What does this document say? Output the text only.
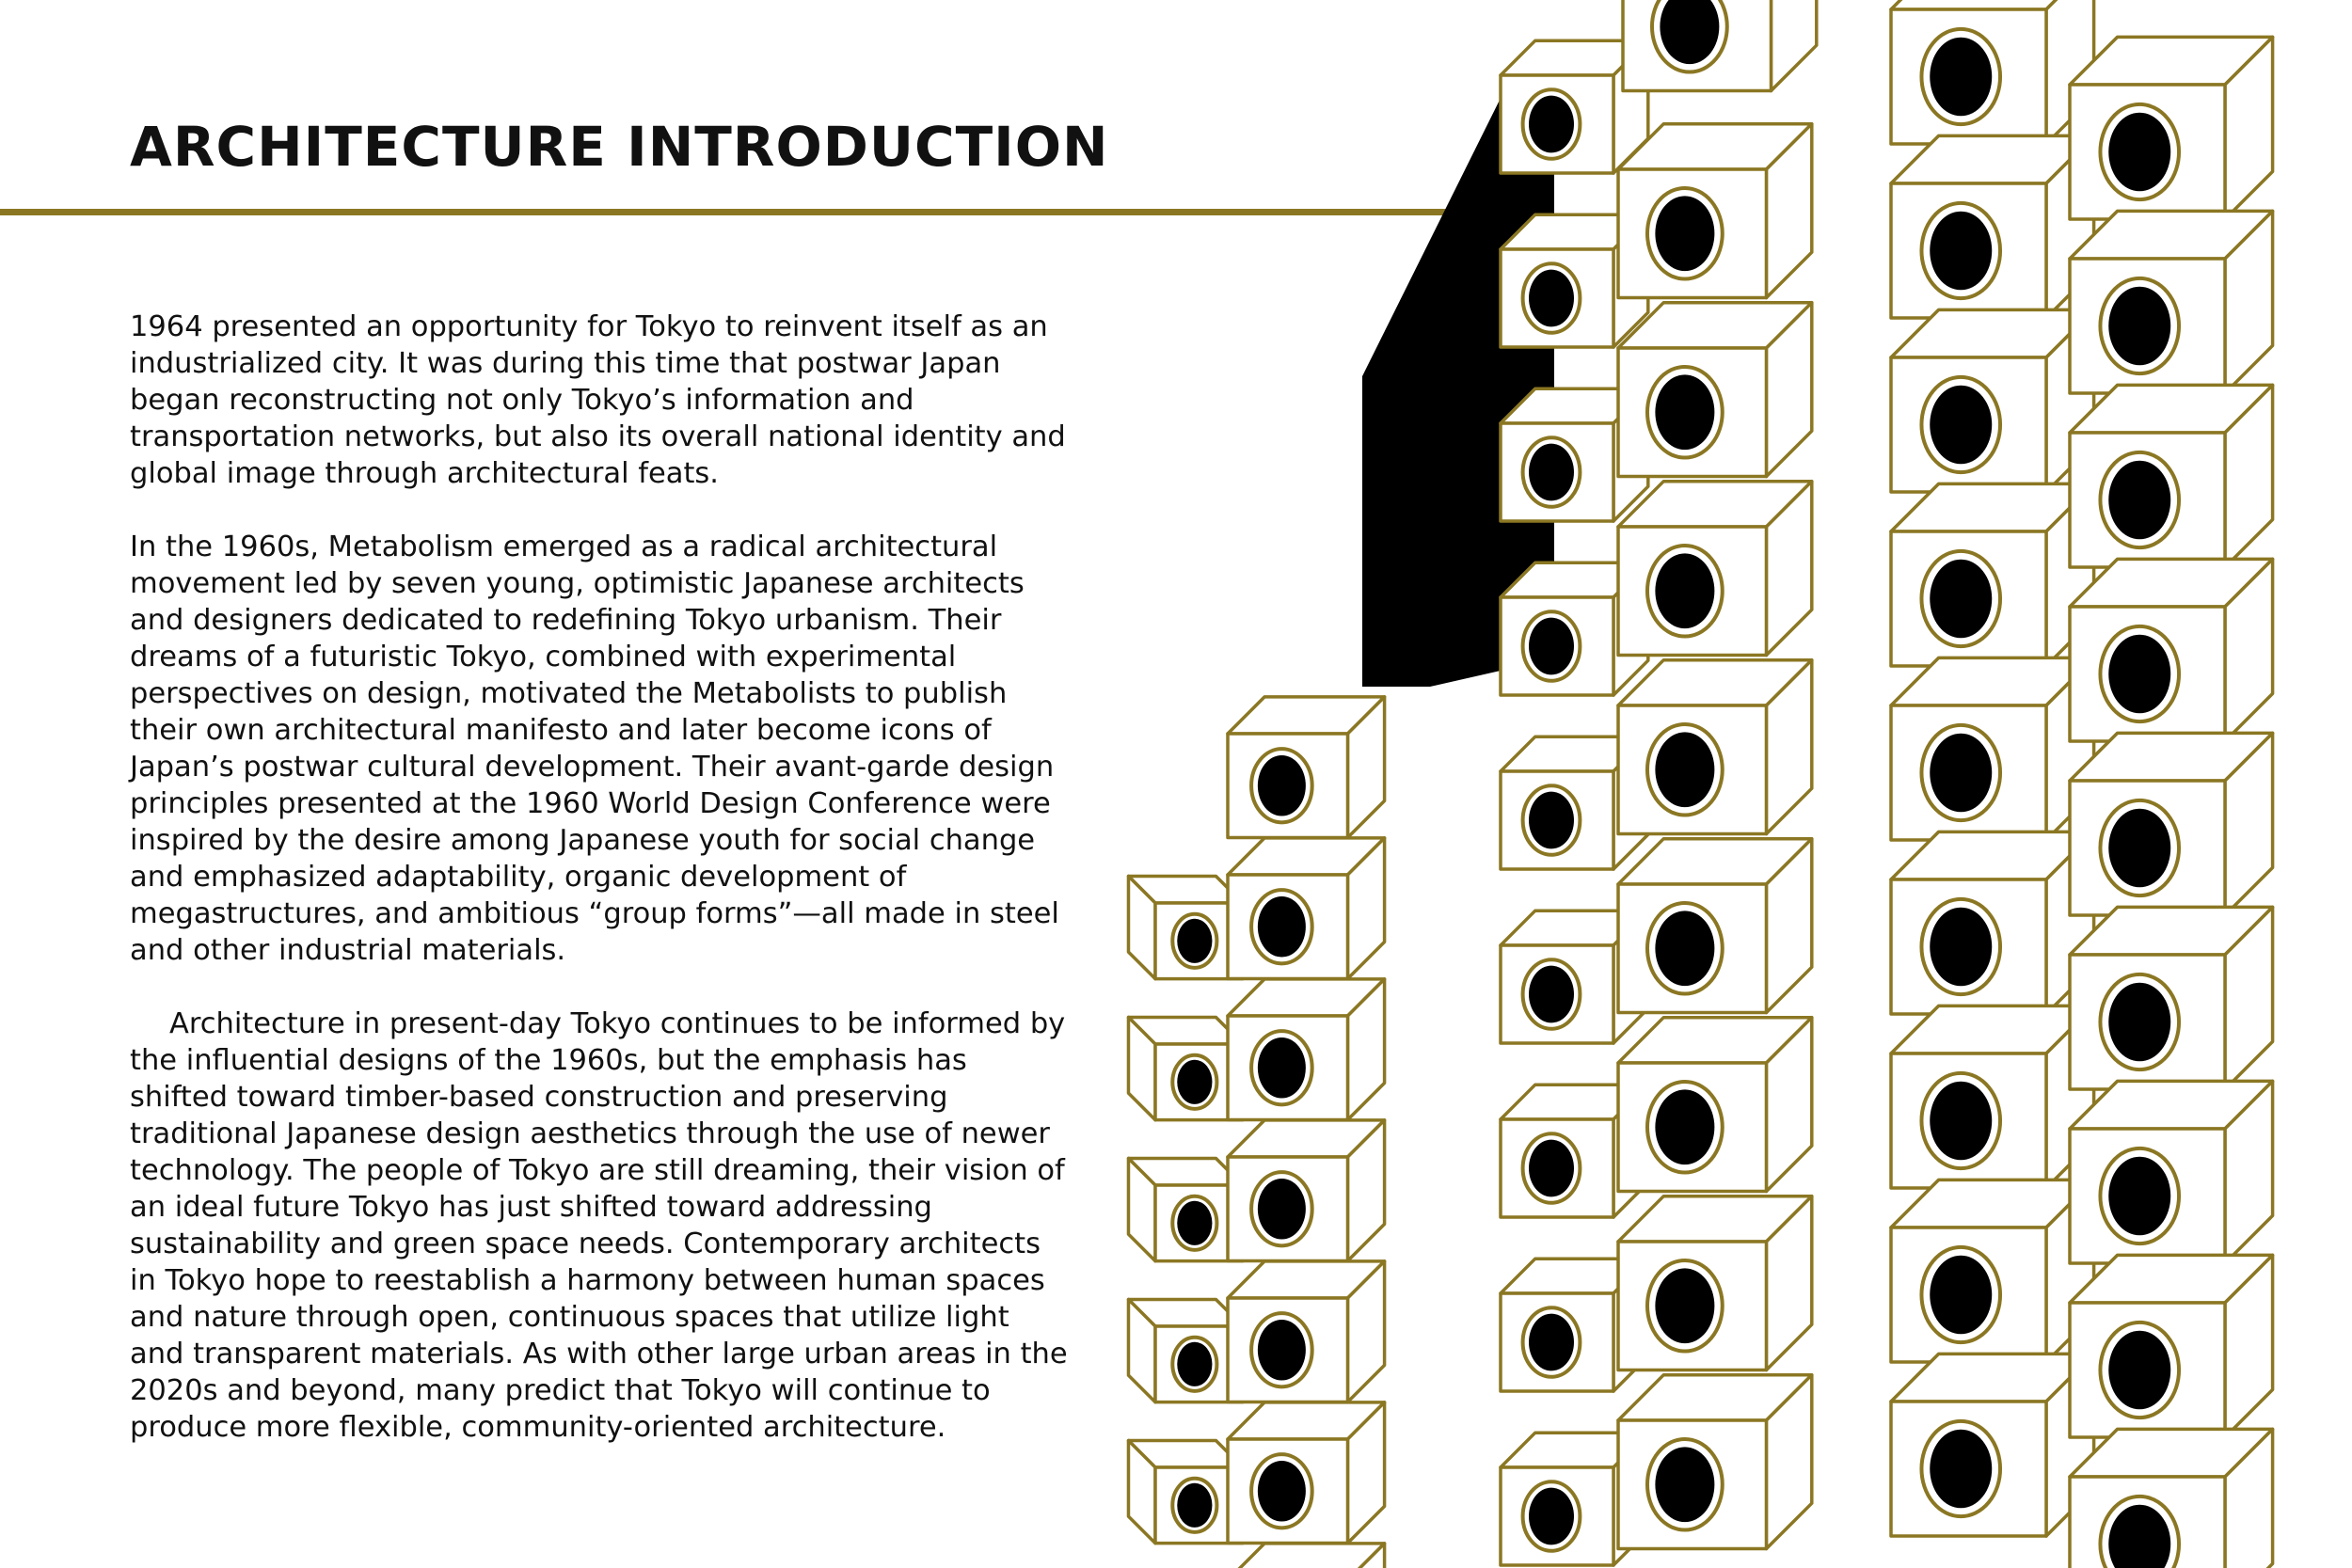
ARCHITECTURE INTRODUCTION

1964 presented an opportunity for Tokyo to reinvent itself as an industrialized city. It was during this time that postwar Japan began reconstructing not only Tokyo’s information and transportation networks, but also its overall national identity and global image through architectural feats.

In the 1960s, Metabolism emerged as a radical architectural movement led by seven young, optimistic Japanese architects and designers dedicated to redefining Tokyo urbanism. Their dreams of a futuristic Tokyo, combined with experimental perspectives on design, motivated the Metabolists to publish their own architectural manifesto and later become icons of Japan’s postwar cultural development. Their avant-garde design principles presented at the 1960 World Design Conference were inspired by the desire among Japanese youth for social change and emphasized adaptability, organic development of megastructures, and ambitious “group forms”—all made in steel and other industrial materials.

Architecture in present-day Tokyo continues to be informed by the influential designs of the 1960s, but the emphasis has shifted toward timber-based construction and preserving traditional Japanese design aesthetics through the use of newer technology. The people of Tokyo are still dreaming, their vision of an ideal future Tokyo has just shifted toward addressing sustainability and green space needs. Contemporary architects in Tokyo hope to reestablish a harmony between human spaces and nature through open, continuous spaces that utilize light and transparent materials. As with other large urban areas in the 2020s and beyond, many predict that Tokyo will continue to produce more flexible, community-oriented architecture.
